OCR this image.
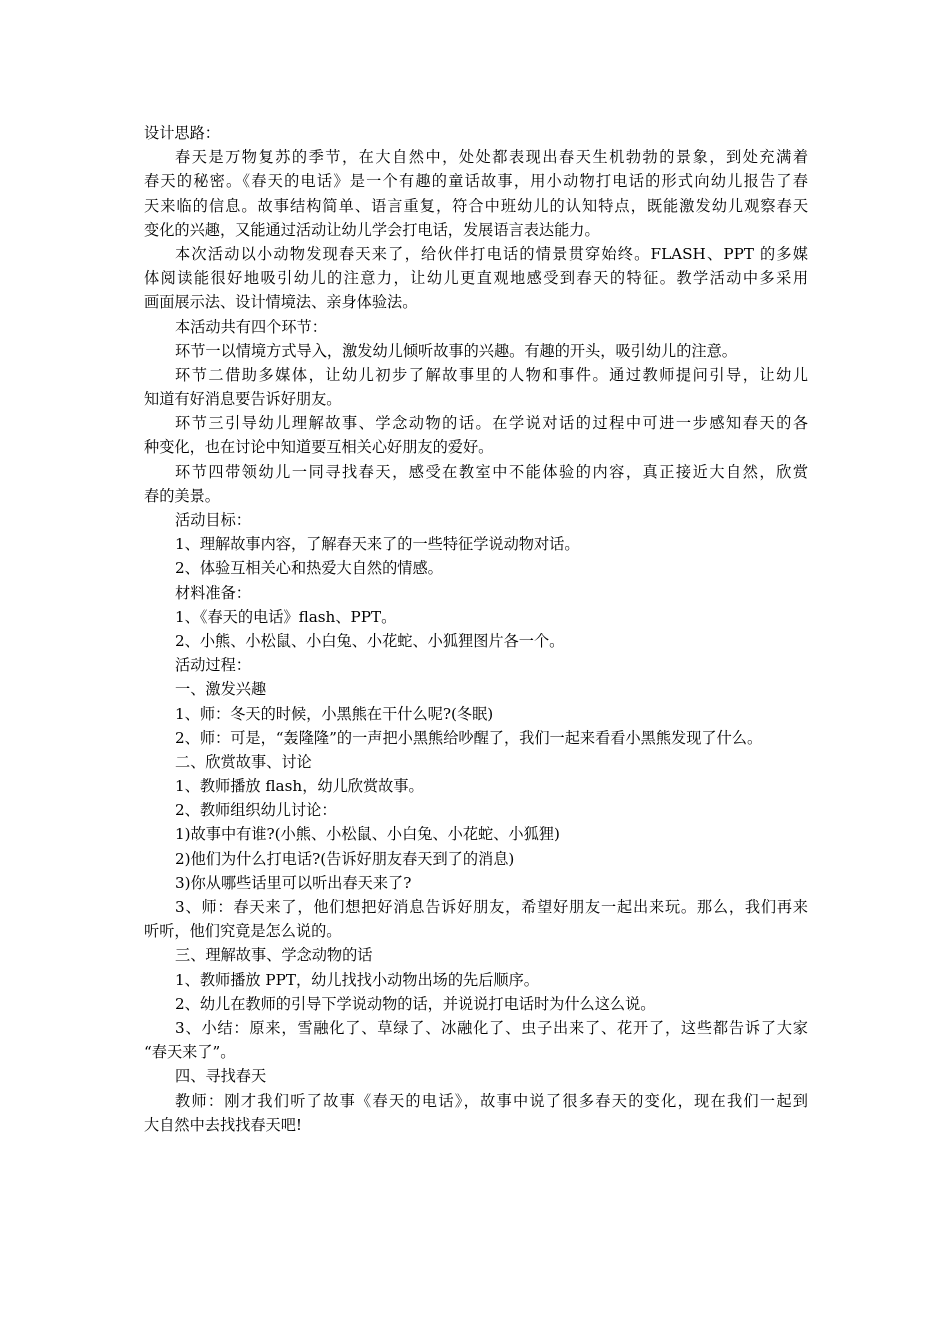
设计思路：
春天是万物复苏的季节，在大自然中，处处都表现出春天生机勃勃的景象，到处充满着
春天的秘密。《春天的电话》是一个有趣的童话故事，用小动物打电话的形式向幼儿报告了春
天来临的信息。故事结构简单、语言重复，符合中班幼儿的认知特点，既能激发幼儿观察春天
变化的兴趣，又能通过活动让幼儿学会打电话，发展语言表达能力。
本次活动以小动物发现春天来了，给伙伴打电话的情景贯穿始终。FLASH、PPT 的多媒
体阅读能很好地吸引幼儿的注意力，让幼儿更直观地感受到春天的特征。教学活动中多采用
画面展示法、设计情境法、亲身体验法。
本活动共有四个环节：
环节一以情境方式导入，激发幼儿倾听故事的兴趣。有趣的开头，吸引幼儿的注意。
环节二借助多媒体，让幼儿初步了解故事里的人物和事件。通过教师提问引导，让幼儿
知道有好消息要告诉好朋友。
环节三引导幼儿理解故事、学念动物的话。在学说对话的过程中可进一步感知春天的各
种变化，也在讨论中知道要互相关心好朋友的爱好。
环节四带领幼儿一同寻找春天，感受在教室中不能体验的内容，真正接近大自然，欣赏
春的美景。
活动目标：
1、理解故事内容，了解春天来了的一些特征学说动物对话。
2、体验互相关心和热爱大自然的情感。
材料准备：
1、《春天的电话》flash、PPT。
2、小熊、小松鼠、小白兔、小花蛇、小狐狸图片各一个。
活动过程：
一、激发兴趣
1、师：冬天的时候，小黑熊在干什么呢?(冬眠)
2、师：可是，“轰隆隆”的一声把小黑熊给吵醒了，我们一起来看看小黑熊发现了什么。
二、欣赏故事、讨论
1、教师播放 flash，幼儿欣赏故事。
2、教师组织幼儿讨论：
1)故事中有谁?(小熊、小松鼠、小白兔、小花蛇、小狐狸)
2)他们为什么打电话?(告诉好朋友春天到了的消息)
3)你从哪些话里可以听出春天来了?
3、师：春天来了，他们想把好消息告诉好朋友，希望好朋友一起出来玩。那么，我们再来
听听，他们究竟是怎么说的。
三、理解故事、学念动物的话
1、教师播放 PPT，幼儿找找小动物出场的先后顺序。
2、幼儿在教师的引导下学说动物的话，并说说打电话时为什么这么说。
3、小结：原来，雪融化了、草绿了、冰融化了、虫子出来了、花开了，这些都告诉了大家
“春天来了”。
四、寻找春天
教师：刚才我们听了故事《春天的电话》，故事中说了很多春天的变化，现在我们一起到
大自然中去找找春天吧!
